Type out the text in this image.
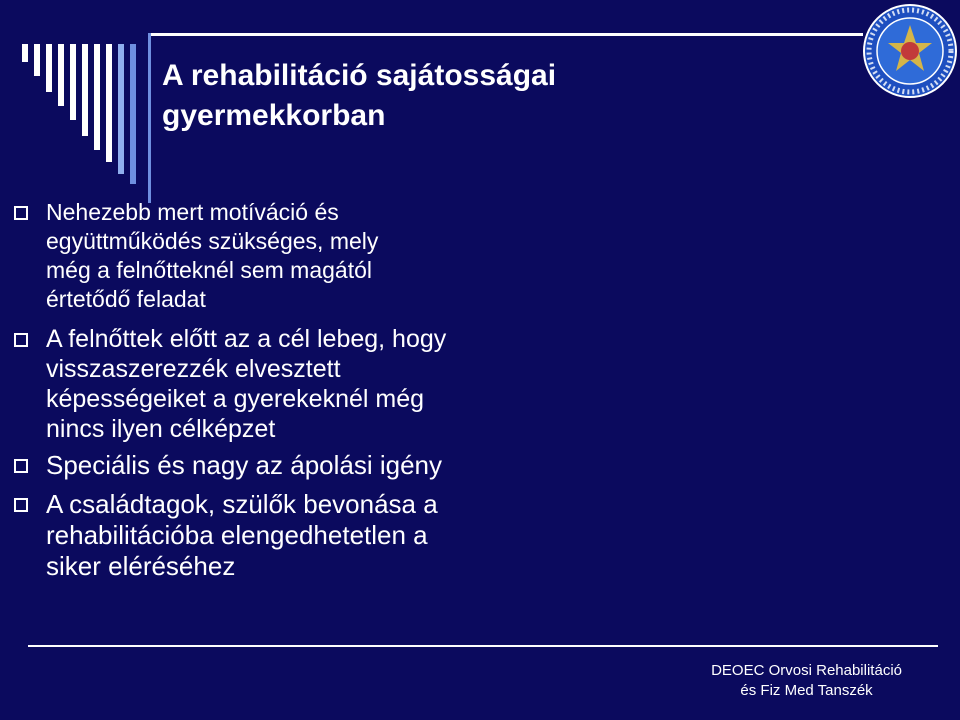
A rehabilitáció sajátosságai
gyermekkorban
Nehezebb mert motíváció és
együttműködés szükséges, mely
még a felnőtteknél sem magától
értetődő feladat
A felnőttek előtt az a cél lebeg, hogy
visszaszerezzék elvesztett
képességeiket a gyerekeknél még
nincs ilyen célképzet
Speciális és nagy az ápolási igény
A családtagok, szülők bevonása a
rehabilitációba elengedhetetlen a
siker eléréséhez
DEOEC Orvosi Rehabilitáció
és Fiz Med Tanszék
